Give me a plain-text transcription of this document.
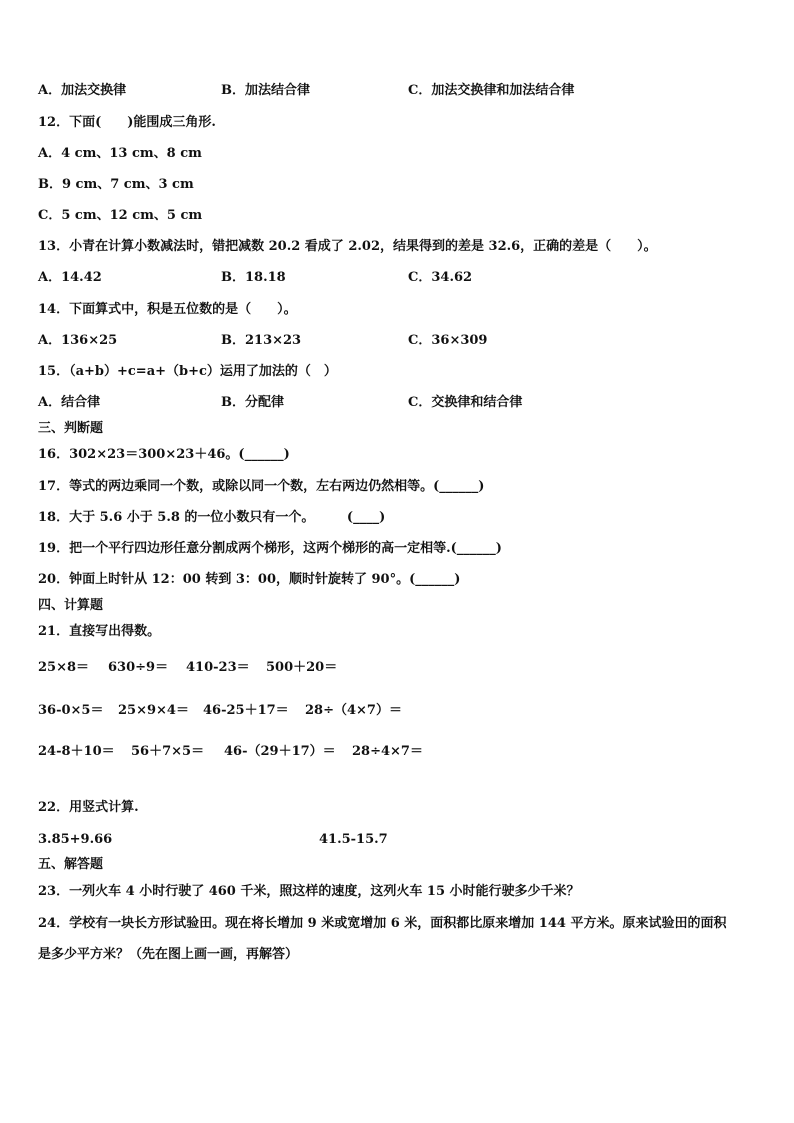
A．加法交换律	B．加法结合律	C．加法交换律和加法结合律
12．下面(　　)能围成三角形.
A．4 cm、13 cm、8 cm
B．9 cm、7 cm、3 cm
C．5 cm、12 cm、5 cm
13．小青在计算小数减法时，错把减数 20.2 看成了 2.02，结果得到的差是 32.6，正确的差是（　　）。
A．14.42	B．18.18	C．34.62
14．下面算式中，积是五位数的是（　　）。
A．136×25	B．213×23	C．36×309
15．（a+b）+c=a+（b+c）运用了加法的（　）
A．结合律	B．分配律	C．交换律和结合律
三、判断题
16．302×23＝300×23＋46。(______)
17．等式的两边乘同一个数，或除以同一个数，左右两边仍然相等。(______)
18．大于 5.6 小于 5.8 的一位小数只有一个。　　　(____)
19．把一个平行四边形任意分割成两个梯形，这两个梯形的高一定相等.(______)
20．钟面上时针从 12：00 转到 3：00，顺时针旋转了 90°。(______)
四、计算题
21．直接写出得数。
25×8＝ 630÷9＝ 410-23＝ 500＋20＝
36-0×5＝ 25×9×4＝ 46-25＋17＝ 28÷（4×7）＝
24-8＋10＝ 56＋7×5＝ 46-（29＋17）＝ 28÷4×7＝
22．用竖式计算.
3.85+9.66	41.5-15.7
五、解答题
23．一列火车 4 小时行驶了 460 千米，照这样的速度，这列火车 15 小时能行驶多少千米？
24．学校有一块长方形试验田。现在将长增加 9 米或宽增加 6 米，面积都比原来增加 144 平方米。原来试验田的面积
是多少平方米？（先在图上画一画，再解答）
